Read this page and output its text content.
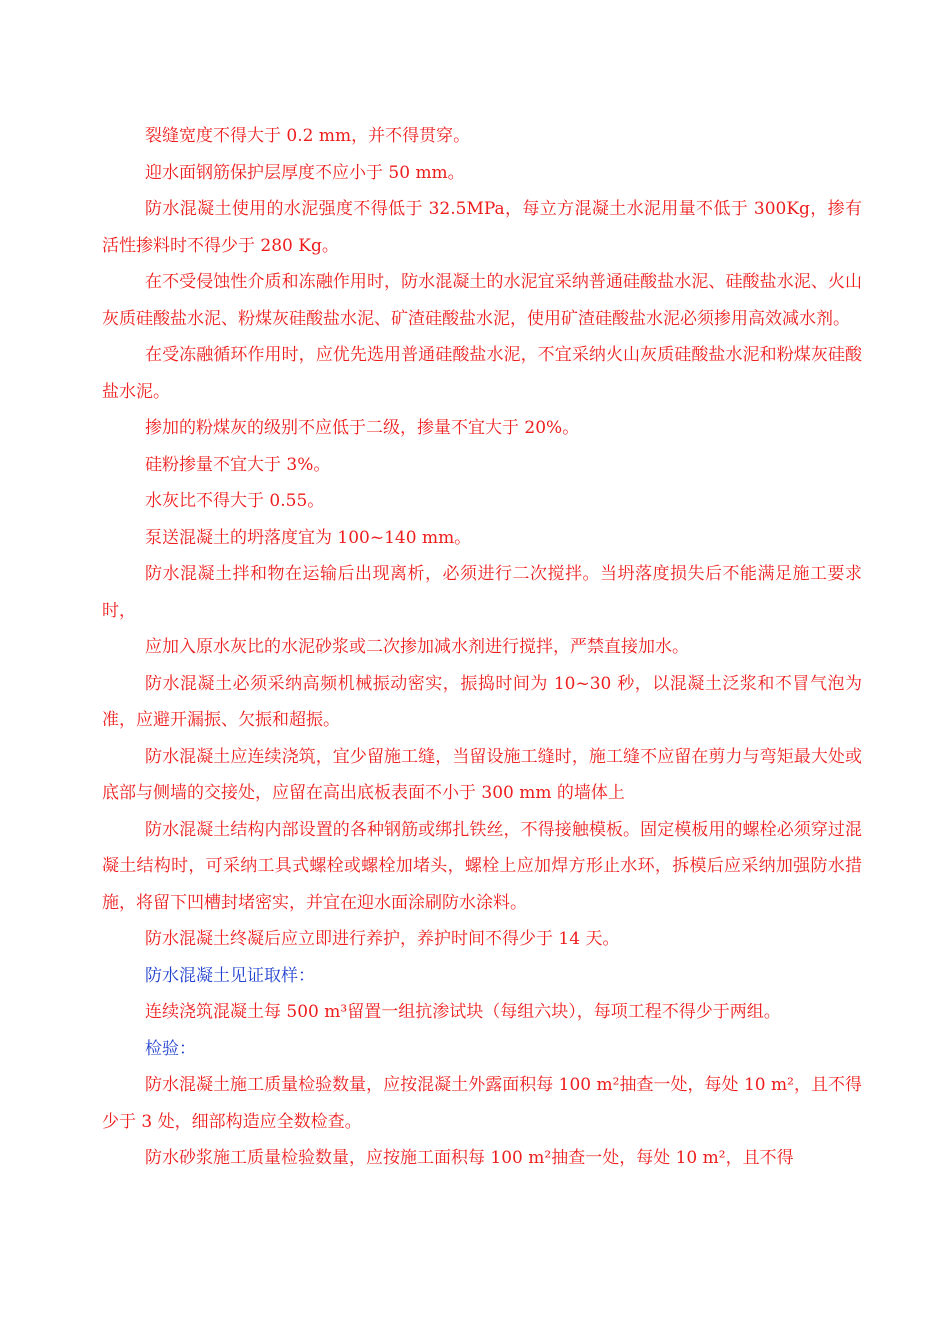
裂缝宽度不得大于 0.2 mm，并不得贯穿。

迎水面钢筋保护层厚度不应小于 50 mm。

防水混凝土使用的水泥强度不得低于 32.5MPa，每立方混凝土水泥用量不低于 300Kg，掺有活性掺料时不得少于 280 Kg。

在不受侵蚀性介质和冻融作用时，防水混凝土的水泥宜采纳普通硅酸盐水泥、硅酸盐水泥、火山灰质硅酸盐水泥、粉煤灰硅酸盐水泥、矿渣硅酸盐水泥，使用矿渣硅酸盐水泥必须掺用高效减水剂。

在受冻融循环作用时，应优先选用普通硅酸盐水泥，不宜采纳火山灰质硅酸盐水泥和粉煤灰硅酸盐水泥。

掺加的粉煤灰的级别不应低于二级，掺量不宜大于 20%。

硅粉掺量不宜大于 3%。

水灰比不得大于 0.55。

泵送混凝土的坍落度宜为 100~140 mm。

防水混凝土拌和物在运输后出现离析，必须进行二次搅拌。当坍落度损失后不能满足施工要求时，

应加入原水灰比的水泥砂浆或二次掺加减水剂进行搅拌，严禁直接加水。

防水混凝土必须采纳高频机械振动密实，振捣时间为 10~30 秒，以混凝土泛浆和不冒气泡为准，应避开漏振、欠振和超振。

防水混凝土应连续浇筑，宜少留施工缝，当留设施工缝时，施工缝不应留在剪力与弯矩最大处或底部与侧墙的交接处，应留在高出底板表面不小于 300 mm 的墙体上

防水混凝土结构内部设置的各种钢筋或绑扎铁丝，不得接触模板。固定模板用的螺栓必须穿过混凝土结构时，可采纳工具式螺栓或螺栓加堵头，螺栓上应加焊方形止水环，拆模后应采纳加强防水措施，将留下凹槽封堵密实，并宜在迎水面涂刷防水涂料。

防水混凝土终凝后应立即进行养护，养护时间不得少于 14 天。

防水混凝土见证取样：

连续浇筑混凝土每 500 m³留置一组抗渗试块（每组六块），每项工程不得少于两组。

检验：

防水混凝土施工质量检验数量，应按混凝土外露面积每 100 m²抽查一处，每处 10 m²，且不得少于 3 处，细部构造应全数检查。

防水砂浆施工质量检验数量，应按施工面积每 100 m²抽查一处，每处 10 m²，且不得
